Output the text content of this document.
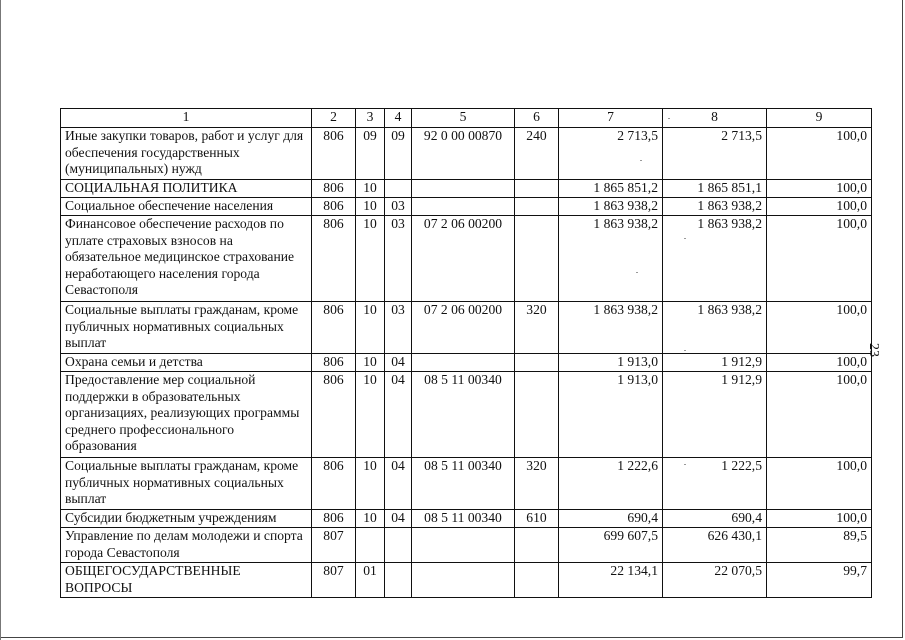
1	2	3	4	5	6	7	8	9
Иные закупки товаров, работ и услуг для обеспечения государственных (муниципальных) нужд	806	09	09	92 0 00 00870	240	2 713,5	2 713,5	100,0
СОЦИАЛЬНАЯ ПОЛИТИКА	806	10				1 865 851,2	1 865 851,1	100,0
Социальное обеспечение населения	806	10	03			1 863 938,2	1 863 938,2	100,0
Финансовое обеспечение расходов по уплате страховых взносов на обязательное медицинское страхование неработающего населения города Севастополя	806	10	03	07 2 06 00200		1 863 938,2	1 863 938,2	100,0
Социальные выплаты гражданам, кроме публичных нормативных социальных выплат	806	10	03	07 2 06 00200	320	1 863 938,2	1 863 938,2	100,0
Охрана семьи и детства	806	10	04			1 913,0	1 912,9	100,0
Предоставление мер социальной поддержки в образовательных организациях, реализующих программы среднего профессионального образования	806	10	04	08 5 11 00340		1 913,0	1 912,9	100,0
Социальные выплаты гражданам, кроме публичных нормативных социальных выплат	806	10	04	08 5 11 00340	320	1 222,6	1 222,5	100,0
Субсидии бюджетным учреждениям	806	10	04	08 5 11 00340	610	690,4	690,4	100,0
Управление по делам молодежи и спорта города Севастополя	807					699 607,5	626 430,1	89,5
ОБЩЕГОСУДАРСТВЕННЫЕ ВОПРОСЫ	807	01				22 134,1	22 070,5	99,7
23
